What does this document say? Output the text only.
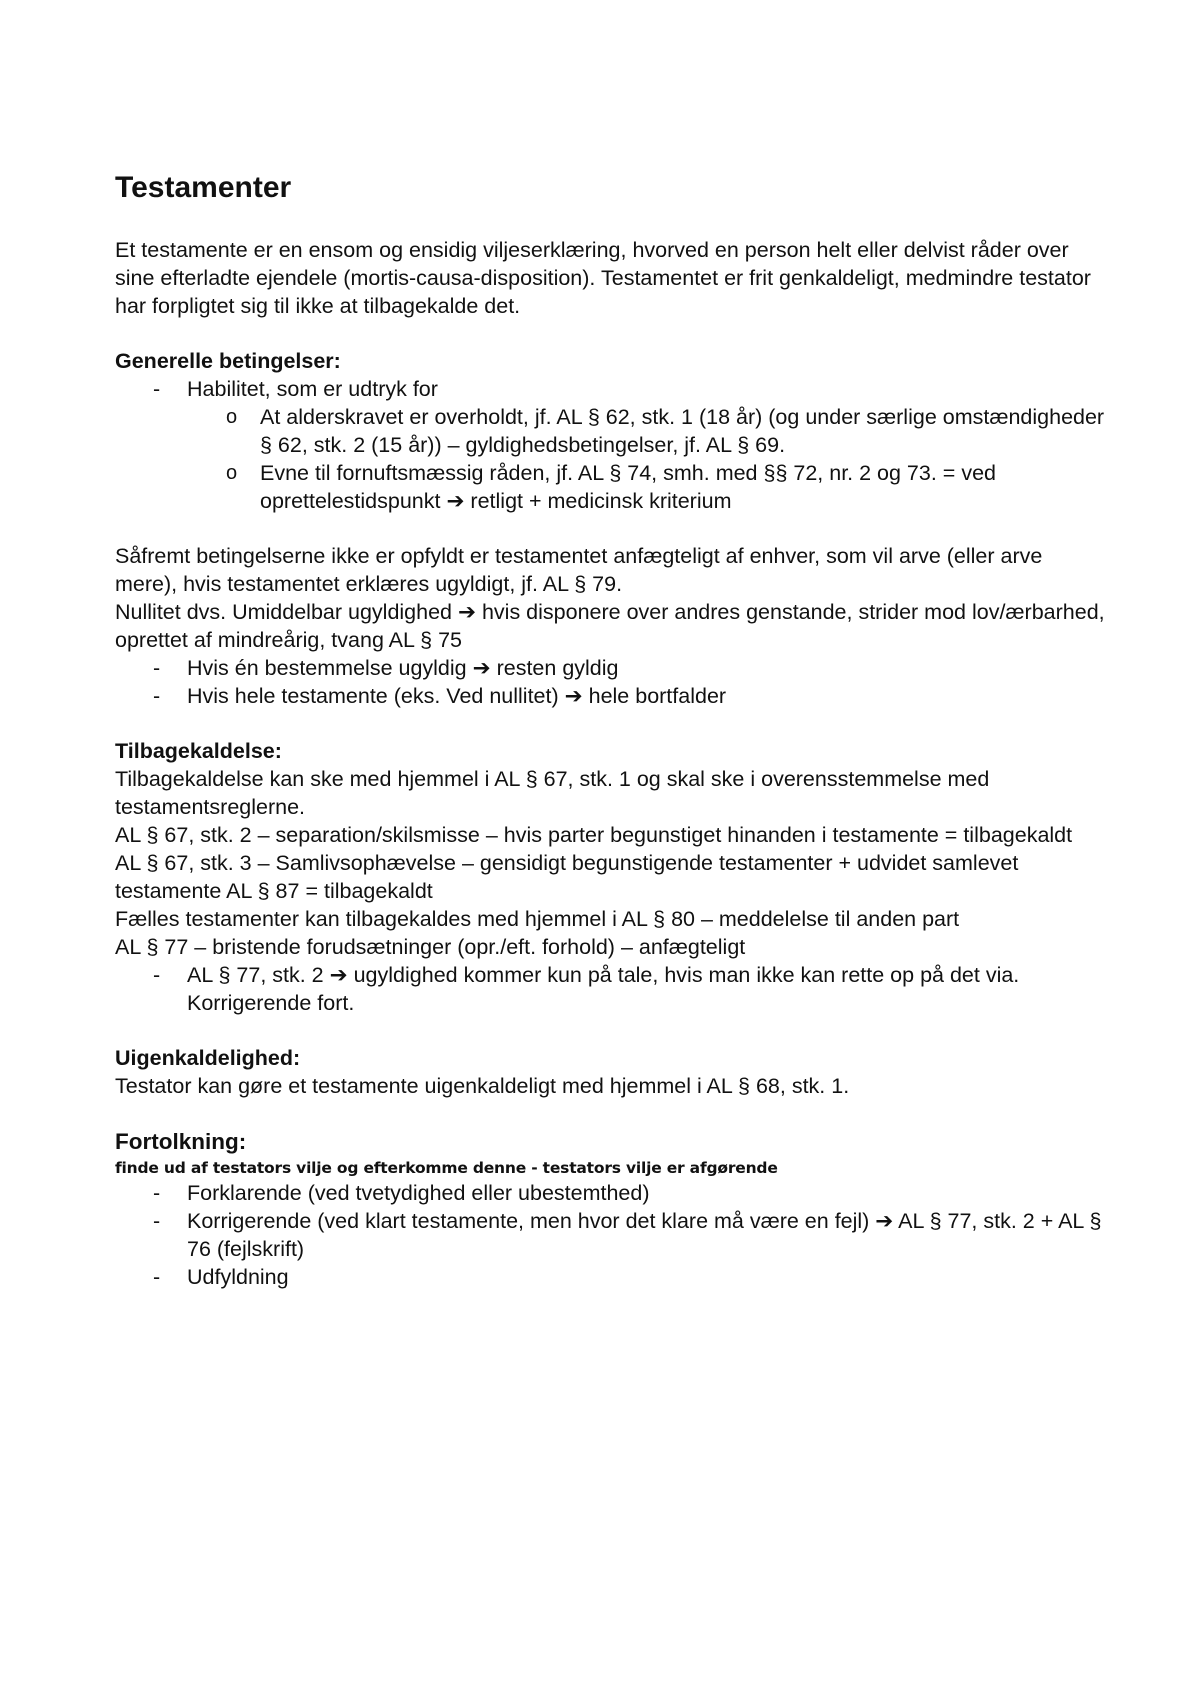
Testamenter

Et testamente er en ensom og ensidig viljeserklæring, hvorved en person helt eller delvist råder over sine efterladte ejendele (mortis-causa-disposition). Testamentet er frit genkaldeligt, medmindre testator har forpligtet sig til ikke at tilbagekalde det.

Generelle betingelser:

- Habilitet, som er udtryk for
o At alderskravet er overholdt, jf. AL § 62, stk. 1 (18 år) (og under særlige omstændigheder § 62, stk. 2 (15 år)) – gyldighedsbetingelser, jf. AL § 69.
o Evne til fornuftsmæssig råden, jf. AL § 74, smh. med §§ 72, nr. 2 og 73. = ved oprettelestidspunkt ➔ retligt + medicinsk kriterium

Såfremt betingelserne ikke er opfyldt er testamentet anfægteligt af enhver, som vil arve (eller arve mere), hvis testamentet erklæres ugyldigt, jf. AL § 79.

Nullitet dvs. Umiddelbar ugyldighed ➔ hvis disponere over andres genstande, strider mod lov/ærbarhed, oprettet af mindreårig, tvang AL § 75

- Hvis én bestemmelse ugyldig ➔ resten gyldig
- Hvis hele testamente (eks. Ved nullitet) ➔ hele bortfalder

Tilbagekaldelse:

Tilbagekaldelse kan ske med hjemmel i AL § 67, stk. 1 og skal ske i overensstemmelse med testamentsreglerne.

AL § 67, stk. 2 – separation/skilsmisse – hvis parter begunstiget hinanden i testamente = tilbagekaldt

AL § 67, stk. 3 – Samlivsophævelse – gensidigt begunstigende testamenter + udvidet samlevet testamente AL § 87 = tilbagekaldt

Fælles testamenter kan tilbagekaldes med hjemmel i AL § 80 – meddelelse til anden part

AL § 77 – bristende forudsætninger (opr./eft. forhold) – anfægteligt

- AL § 77, stk. 2 ➔ ugyldighed kommer kun på tale, hvis man ikke kan rette op på det via. Korrigerende fort.

Uigenkaldelighed:

Testator kan gøre et testamente uigenkaldeligt med hjemmel i AL § 68, stk. 1.

Fortolkning:

finde ud af testators vilje og efterkomme denne - testators vilje er afgørende

- Forklarende (ved tvetydighed eller ubestemthed)
- Korrigerende (ved klart testamente, men hvor det klare må være en fejl) ➔ AL § 77, stk. 2 + AL § 76 (fejlskrift)
- Udfyldning
